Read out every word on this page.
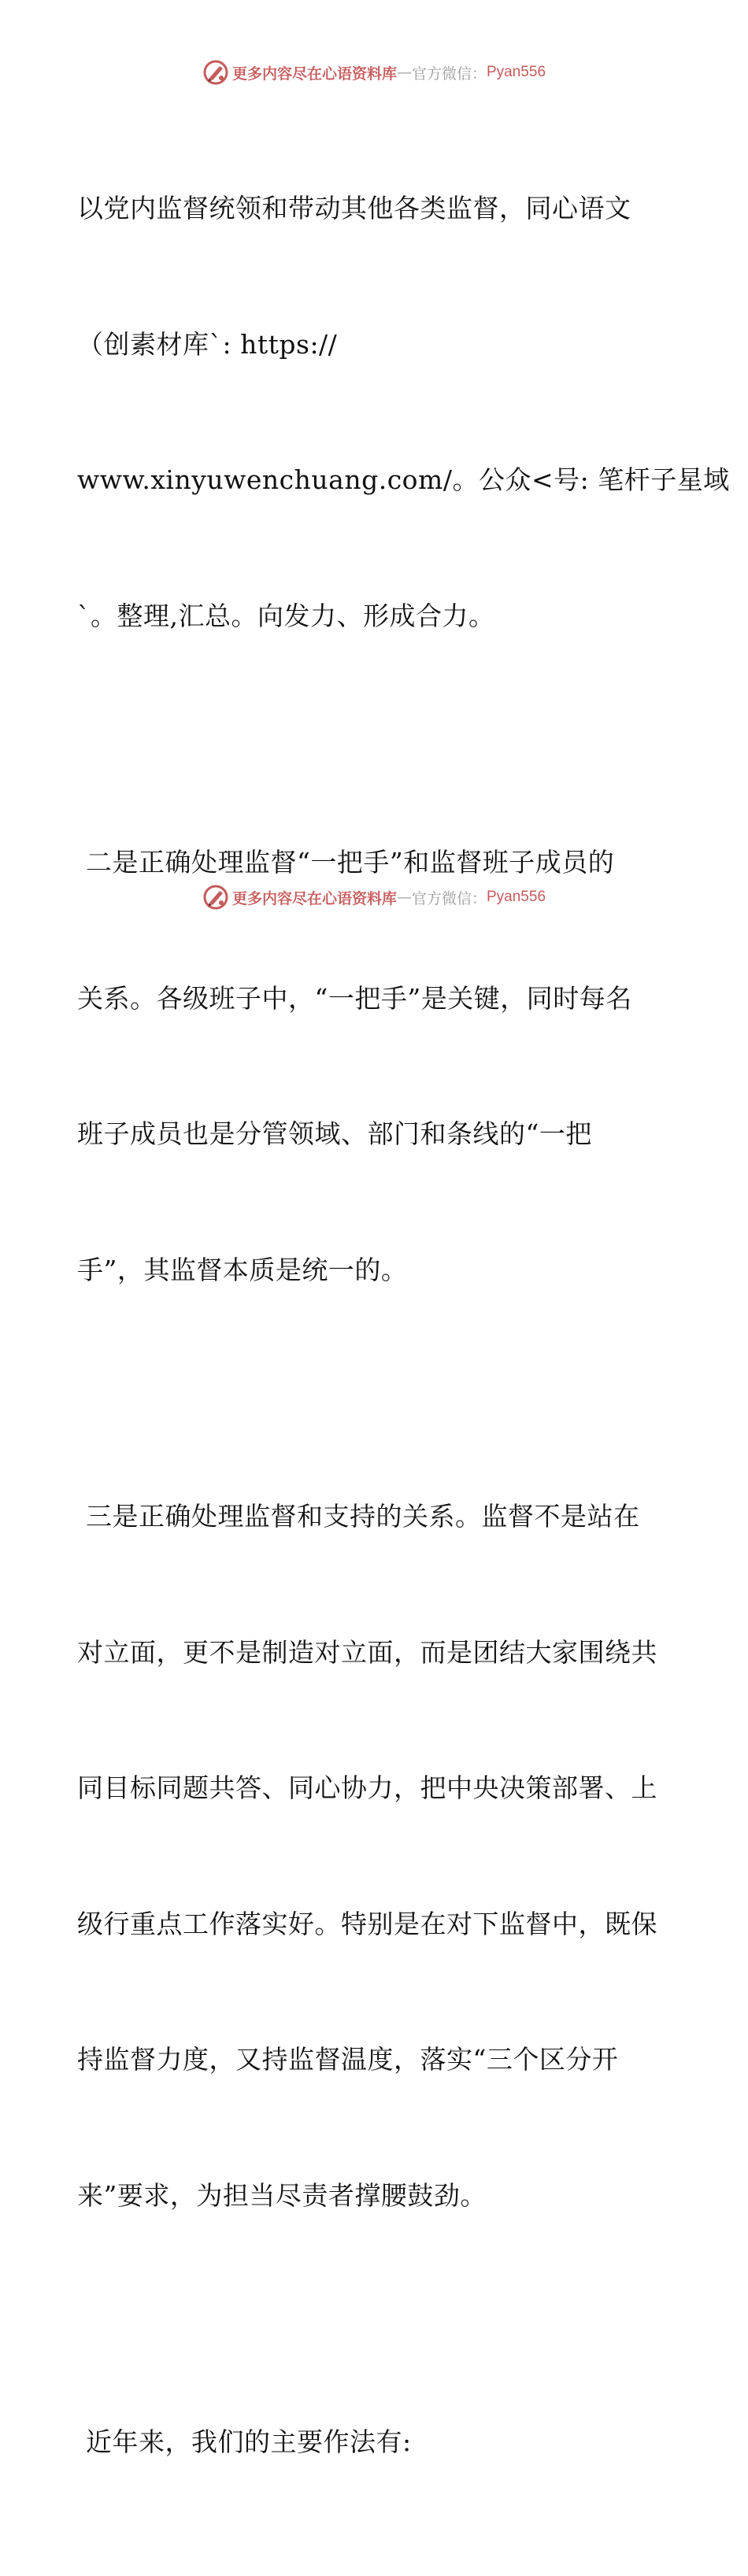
更多内容尽在心语资料库 — 官方微信： Pyan556

以党内监督统领和带动其他各类监督，同心语文

（创素材库`: https://

www.xinyuwenchuang.com/。公众<号: 笔杆子星域

`。整理,汇总。向发力、形成合力。

二是正确处理监督“一把手”和监督班子成员的

关系。各级班子中，“一把手”是关键，同时每名

班子成员也是分管领域、部门和条线的“一把

手”，其监督本质是统一的。

三是正确处理监督和支持的关系。监督不是站在

对立面，更不是制造对立面，而是团结大家围绕共

同目标同题共答、同心协力，把中央决策部署、上

级行重点工作落实好。特别是在对下监督中，既保

持监督力度，又持监督温度，落实“三个区分开

来”要求，为担当尽责者撑腰鼓劲。

近年来，我们的主要作法有:

更多内容尽在心语资料库 — 官方微信： Pyan556
